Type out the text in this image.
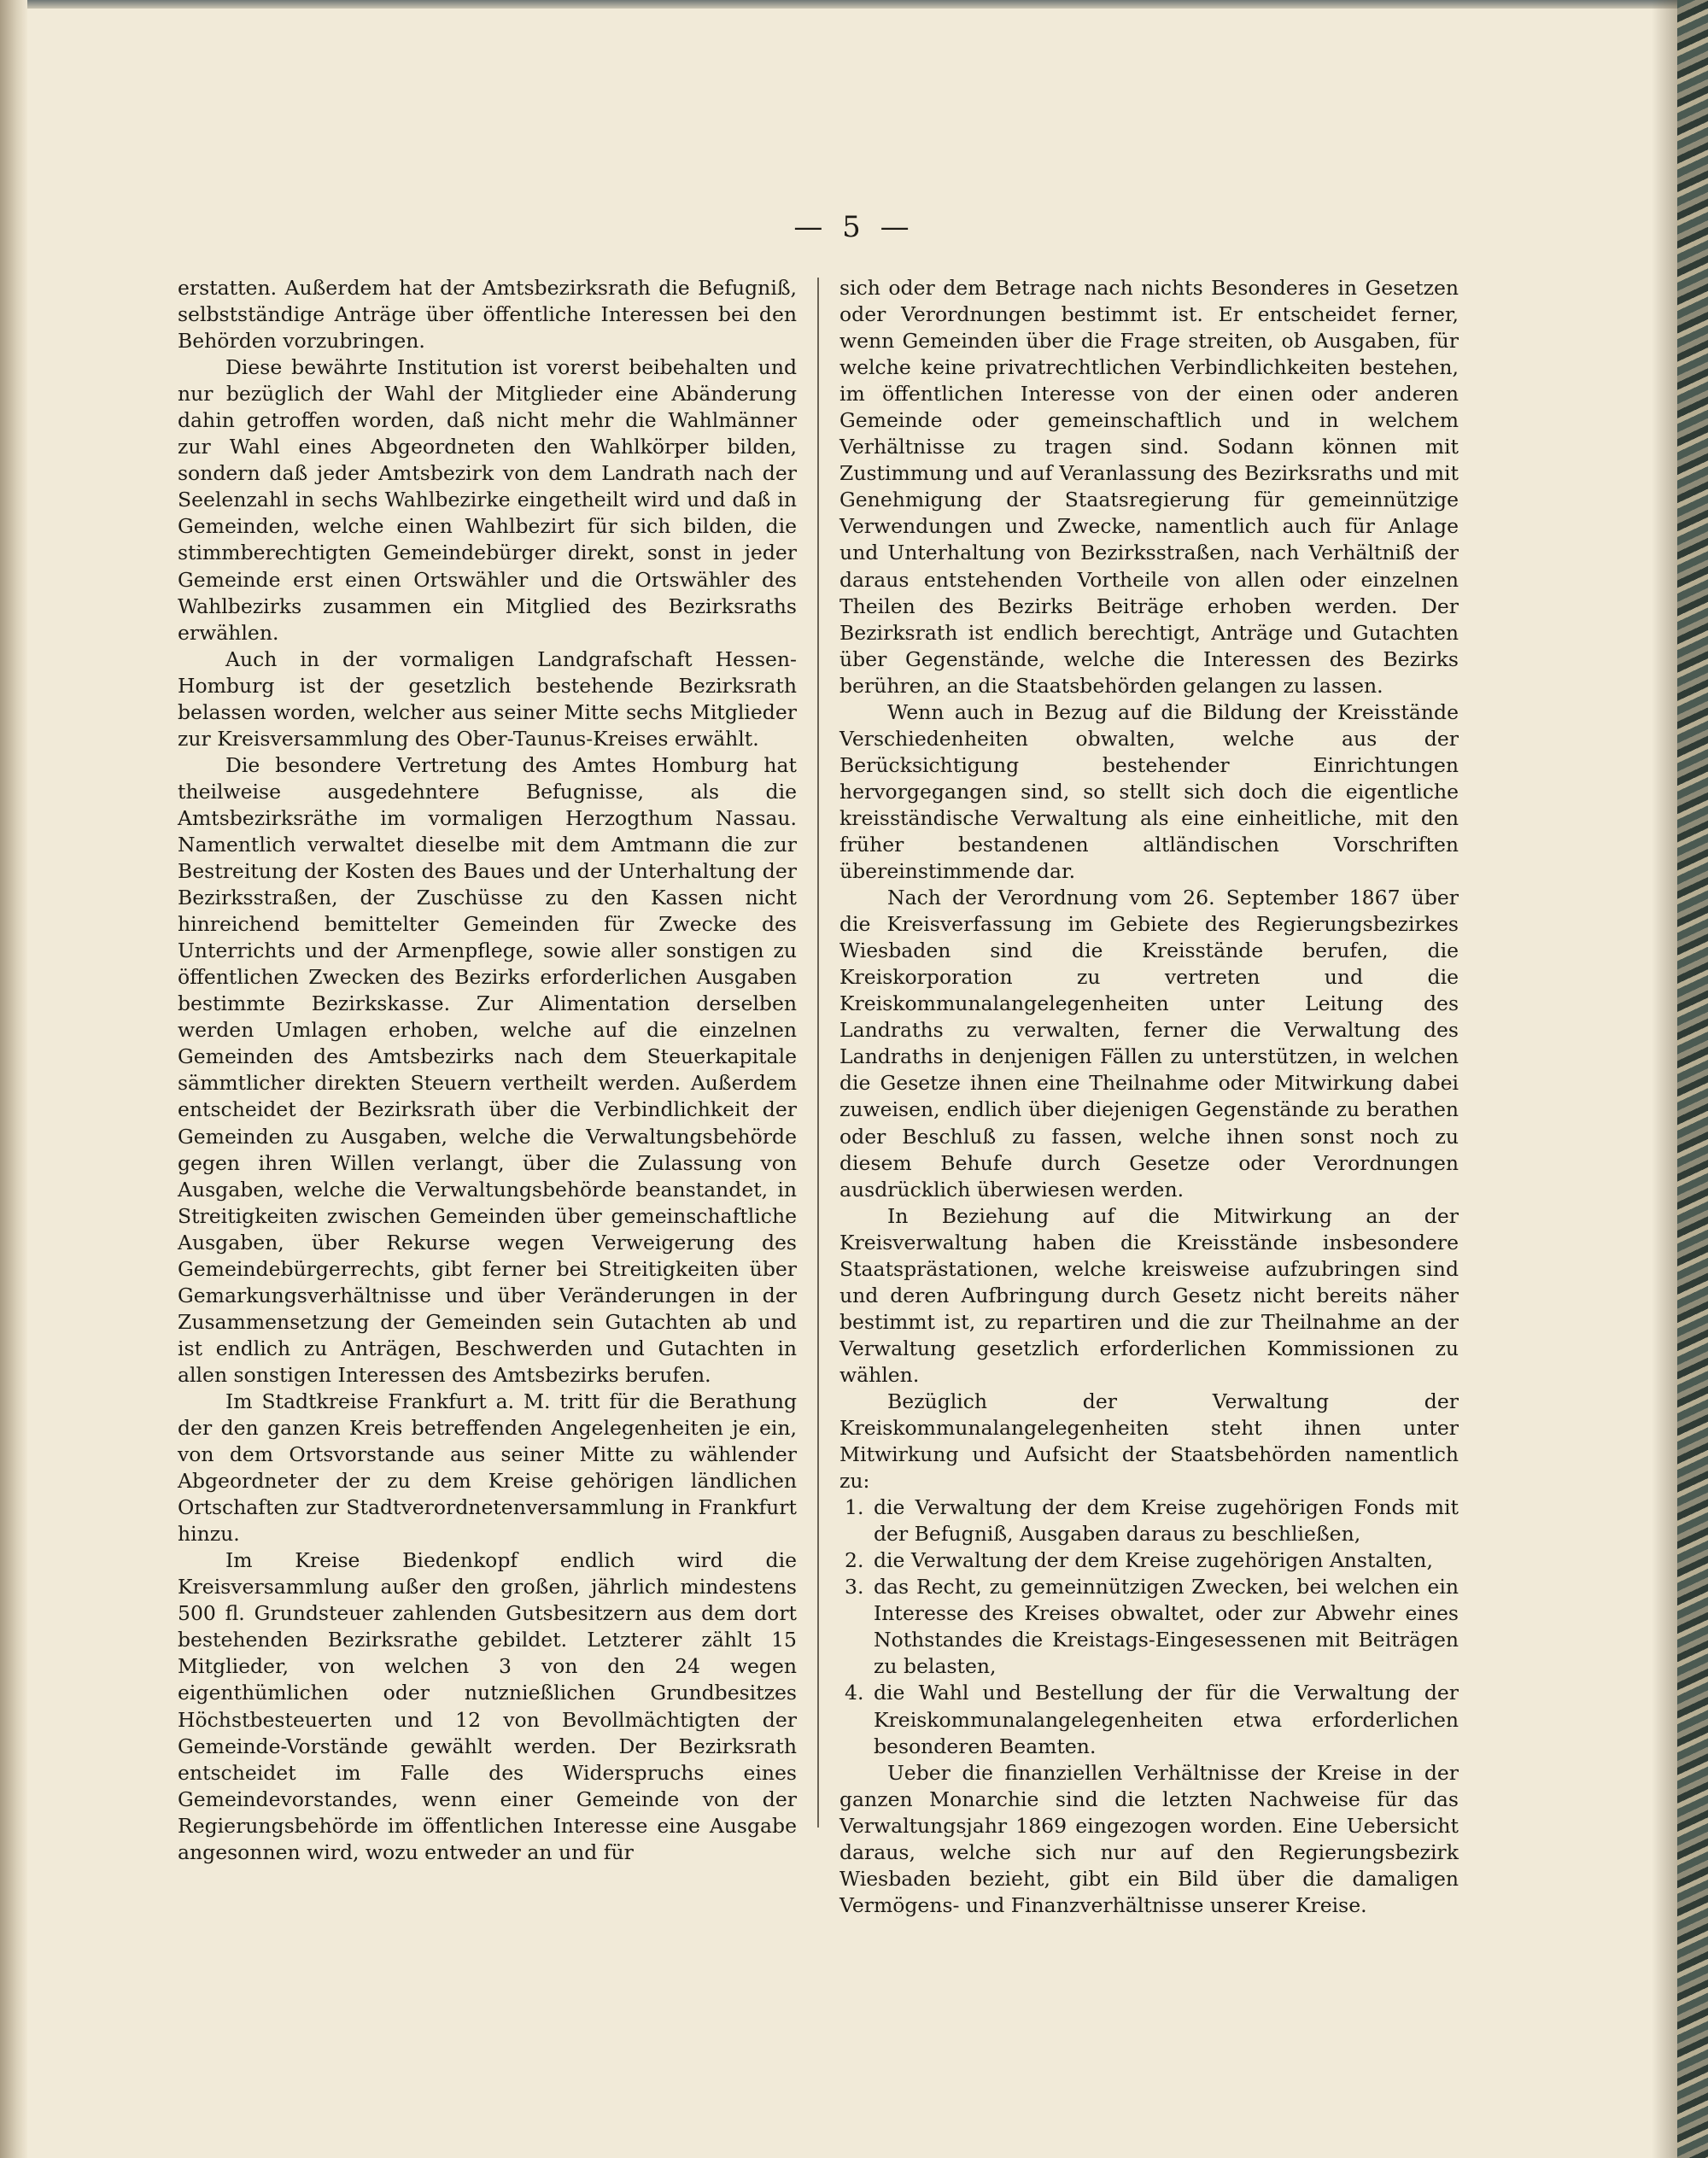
— 5 —

erstatten. Außerdem hat der Amtsbezirksrath die Befugniß, selbstständige Anträge über öffentliche Interessen bei den Behörden vorzubringen.

Diese bewährte Institution ist vorerst beibehalten und nur bezüglich der Wahl der Mitglieder eine Abänderung dahin getroffen worden, daß nicht mehr die Wahlmänner zur Wahl eines Abgeordneten den Wahlkörper bilden, sondern daß jeder Amtsbezirk von dem Landrath nach der Seelenzahl in sechs Wahlbezirke eingetheilt wird und daß in Gemeinden, welche einen Wahlbezirt für sich bilden, die stimmberechtigten Gemeindebürger direkt, sonst in jeder Gemeinde erst einen Ortswähler und die Ortswähler des Wahlbezirks zusammen ein Mitglied des Bezirksraths erwählen.

Auch in der vormaligen Landgrafschaft Hessen-Homburg ist der gesetzlich bestehende Bezirksrath belassen worden, welcher aus seiner Mitte sechs Mitglieder zur Kreisversammlung des Ober-Taunus-Kreises erwählt.

Die besondere Vertretung des Amtes Homburg hat theilweise ausgedehntere Befugnisse, als die Amtsbezirksräthe im vormaligen Herzogthum Nassau. Namentlich verwaltet dieselbe mit dem Amtmann die zur Bestreitung der Kosten des Baues und der Unterhaltung der Bezirksstraßen, der Zuschüsse zu den Kassen nicht hinreichend bemittelter Gemeinden für Zwecke des Unterrichts und der Armenpflege, sowie aller sonstigen zu öffentlichen Zwecken des Bezirks erforderlichen Ausgaben bestimmte Bezirkskasse. Zur Alimentation derselben werden Umlagen erhoben, welche auf die einzelnen Gemeinden des Amtsbezirks nach dem Steuerkapitale sämmtlicher direkten Steuern vertheilt werden. Außerdem entscheidet der Bezirksrath über die Verbindlichkeit der Gemeinden zu Ausgaben, welche die Verwaltungsbehörde gegen ihren Willen verlangt, über die Zulassung von Ausgaben, welche die Verwaltungsbehörde beanstandet, in Streitigkeiten zwischen Gemeinden über gemeinschaftliche Ausgaben, über Rekurse wegen Verweigerung des Gemeindebürgerrechts, gibt ferner bei Streitigkeiten über Gemarkungsverhältnisse und über Veränderungen in der Zusammensetzung der Gemeinden sein Gutachten ab und ist endlich zu Anträgen, Beschwerden und Gutachten in allen sonstigen Interessen des Amtsbezirks berufen.

Im Stadtkreise Frankfurt a. M. tritt für die Berathung der den ganzen Kreis betreffenden Angelegenheiten je ein, von dem Ortsvorstande aus seiner Mitte zu wählender Abgeordneter der zu dem Kreise gehörigen ländlichen Ortschaften zur Stadtverordnetenversammlung in Frankfurt hinzu.

Im Kreise Biedenkopf endlich wird die Kreisversammlung außer den großen, jährlich mindestens 500 fl. Grundsteuer zahlenden Gutsbesitzern aus dem dort bestehenden Bezirksrathe gebildet. Letzterer zählt 15 Mitglieder, von welchen 3 von den 24 wegen eigenthümlichen oder nutznießlichen Grundbesitzes Höchstbesteuerten und 12 von Bevollmächtigten der Gemeinde-Vorstände gewählt werden. Der Bezirksrath entscheidet im Falle des Widerspruchs eines Gemeindevorstandes, wenn einer Gemeinde von der Regierungsbehörde im öffentlichen Interesse eine Ausgabe angesonnen wird, wozu entweder an und für

sich oder dem Betrage nach nichts Besonderes in Gesetzen oder Verordnungen bestimmt ist. Er entscheidet ferner, wenn Gemeinden über die Frage streiten, ob Ausgaben, für welche keine privatrechtlichen Verbindlichkeiten bestehen, im öffentlichen Interesse von der einen oder anderen Gemeinde oder gemeinschaftlich und in welchem Verhältnisse zu tragen sind. Sodann können mit Zustimmung und auf Veranlassung des Bezirksraths und mit Genehmigung der Staatsregierung für gemeinnützige Verwendungen und Zwecke, namentlich auch für Anlage und Unterhaltung von Bezirksstraßen, nach Verhältniß der daraus entstehenden Vortheile von allen oder einzelnen Theilen des Bezirks Beiträge erhoben werden. Der Bezirksrath ist endlich berechtigt, Anträge und Gutachten über Gegenstände, welche die Interessen des Bezirks berühren, an die Staatsbehörden gelangen zu lassen.

Wenn auch in Bezug auf die Bildung der Kreisstände Verschiedenheiten obwalten, welche aus der Berücksichtigung bestehender Einrichtungen hervorgegangen sind, so stellt sich doch die eigentliche kreisständische Verwaltung als eine einheitliche, mit den früher bestandenen altländischen Vorschriften übereinstimmende dar.

Nach der Verordnung vom 26. September 1867 über die Kreisverfassung im Gebiete des Regierungsbezirkes Wiesbaden sind die Kreisstände berufen, die Kreiskorporation zu vertreten und die Kreiskommunalangelegenheiten unter Leitung des Landraths zu verwalten, ferner die Verwaltung des Landraths in denjenigen Fällen zu unterstützen, in welchen die Gesetze ihnen eine Theilnahme oder Mitwirkung dabei zuweisen, endlich über diejenigen Gegenstände zu berathen oder Beschluß zu fassen, welche ihnen sonst noch zu diesem Behufe durch Gesetze oder Verordnungen ausdrücklich überwiesen werden.

In Beziehung auf die Mitwirkung an der Kreisverwaltung haben die Kreisstände insbesondere Staatsprästationen, welche kreisweise aufzubringen sind und deren Aufbringung durch Gesetz nicht bereits näher bestimmt ist, zu repartiren und die zur Theilnahme an der Verwaltung gesetzlich erforderlichen Kommissionen zu wählen.

Bezüglich der Verwaltung der Kreiskommunalangelegenheiten steht ihnen unter Mitwirkung und Aufsicht der Staatsbehörden namentlich zu:

1. die Verwaltung der dem Kreise zugehörigen Fonds mit der Befugniß, Ausgaben daraus zu beschließen,
2. die Verwaltung der dem Kreise zugehörigen Anstalten,
3. das Recht, zu gemeinnützigen Zwecken, bei welchen ein Interesse des Kreises obwaltet, oder zur Abwehr eines Nothstandes die Kreistags-Eingesessenen mit Beiträgen zu belasten,
4. die Wahl und Bestellung der für die Verwaltung der Kreiskommunalangelegenheiten etwa erforderlichen besonderen Beamten.

Ueber die finanziellen Verhältnisse der Kreise in der ganzen Monarchie sind die letzten Nachweise für das Verwaltungsjahr 1869 eingezogen worden. Eine Uebersicht daraus, welche sich nur auf den Regierungsbezirk Wiesbaden bezieht, gibt ein Bild über die damaligen Vermögens- und Finanzverhältnisse unserer Kreise.
